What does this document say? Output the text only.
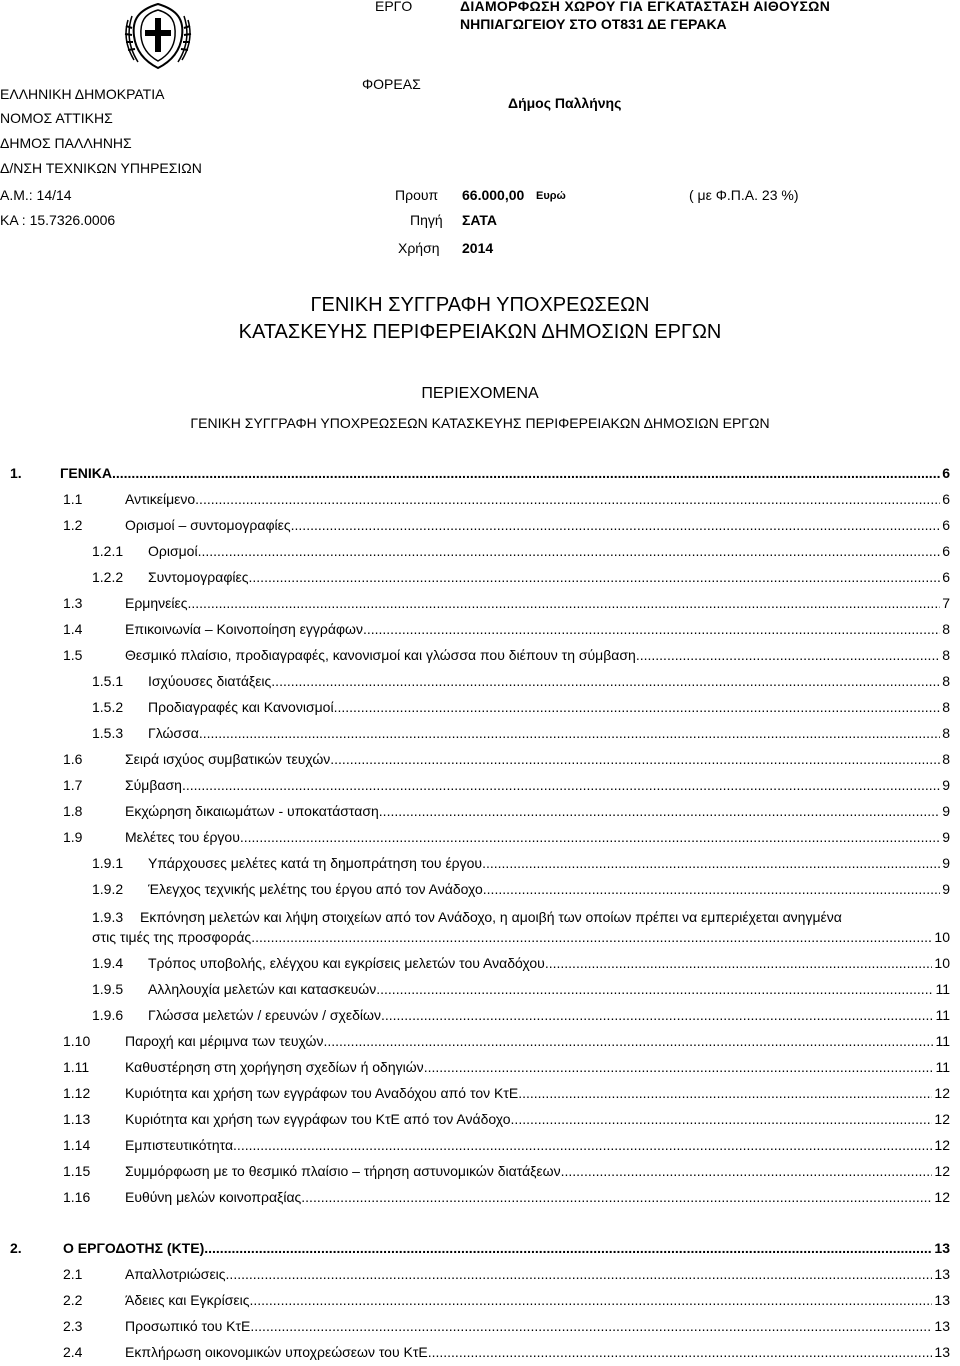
ΕΡΓΟ	ΔΙΑΜΟΡΦΩΣΗ ΧΩΡΟΥ ΓΙΑ ΕΓΚΑΤΑΣΤΑΣΗ ΑΙΘΟΥΣΩΝ
ΝΗΠΙΑΓΩΓΕΙΟΥ ΣΤΟ ΟΤ831 ΔΕ ΓΕΡΑΚΑ
ΕΛΛΗΝΙΚΗ ΔΗΜΟΚΡΑΤΙΑ
ΝΟΜΟΣ ΑΤΤΙΚΗΣ
ΔΗΜΟΣ ΠΑΛΛΗΝΗΣ
Δ/ΝΣΗ ΤΕΧΝΙΚΩΝ ΥΠΗΡΕΣΙΩΝ
ΦΟΡΕΑΣ
Δήμος Παλλήνης
Α.Μ.: 14/14	Προυπ 66.000,00 Ευρώ	( με Φ.Π.Α. 23 %)
ΚΑ : 15.7326.0006	Πηγή ΣΑΤΑ
Χρήση 2014
ΓΕΝΙΚΗ ΣΥΓΓΡΑΦΗ ΥΠΟΧΡΕΩΣΕΩΝ
ΚΑΤΑΣΚΕΥΗΣ ΠΕΡΙΦΕΡΕΙΑΚΩΝ ΔΗΜΟΣΙΩΝ ΕΡΓΩΝ
ΠΕΡΙΕΧΟΜΕΝΑ
ΓΕΝΙΚΗ ΣΥΓΓΡΑΦΗ ΥΠΟΧΡΕΩΣΕΩΝ ΚΑΤΑΣΚΕΥΗΣ ΠΕΡΙΦΕΡΕΙΑΚΩΝ ΔΗΜΟΣΙΩΝ ΕΡΓΩΝ
1.	ΓΕΝΙΚΑ .....	6
1.1	Αντικείμενο .....	6
1.2	Ορισμοί – συντομογραφίες .....	6
1.2.1 Ορισμοί .....	6
1.2.2 Συντομογραφίες .....	6
1.3	Ερμηνείες .....	7
1.4	Επικοινωνία – Κοινοποίηση εγγράφων .....	8
1.5	Θεσμικό πλαίσιο, προδιαγραφές, κανονισμοί και γλώσσα που διέπουν τη σύμβαση .....	8
1.5.1 Ισχύουσες διατάξεις .....	8
1.5.2 Προδιαγραφές και Κανονισμοί .....	8
1.5.3 Γλώσσα .....	8
1.6	Σειρά ισχύος συμβατικών τευχών .....	8
1.7	Σύμβαση .....	9
1.8	Εκχώρηση δικαιωμάτων - υποκατάσταση .....	9
1.9	Μελέτες του έργου .....	9
1.9.1 Υπάρχουσες μελέτες κατά τη δημοπράτηση του έργου .....	9
1.9.2 Έλεγχος τεχνικής μελέτης του έργου από τον Ανάδοχο .....	9
1.9.3 Εκπόνηση μελετών και λήψη στοιχείων από τον Ανάδοχο, η αμοιβή των οποίων πρέπει να εμπεριέχεται ανηγμένα
στις τιμές της προσφοράς .....	10
1.9.4 Τρόπος υποβολής, ελέγχου και εγκρίσεις μελετών του Αναδόχου .....	10
1.9.5 Αλληλουχία μελετών και κατασκευών .....	11
1.9.6 Γλώσσα μελετών / ερευνών / σχεδίων .....	11
1.10 Παροχή και μέριμνα των τευχών .....	11
1.11	Καθυστέρηση στη χορήγηση σχεδίων ή οδηγιών .....	11
1.12 Κυριότητα και χρήση των εγγράφων του Αναδόχου από τον ΚτΕ .....	12
1.13 Κυριότητα και χρήση των εγγράφων του ΚτΕ από τον Ανάδοχο .....	12
1.14 Εμπιστευτικότητα .....	12
1.15 Συμμόρφωση με το θεσμικό πλαίσιο – τήρηση αστυνομικών διατάξεων .....	12
1.16 Ευθύνη μελών κοινοπραξίας .....	12
2.	Ο ΕΡΓΟΔΟΤΗΣ (ΚΤΕ) .....	13
2.1	Απαλλοτριώσεις .....	13
2.2	Άδειες και Εγκρίσεις .....	13
2.3	Προσωπικό του ΚτΕ .....	13
2.4	Εκπλήρωση οικονομικών υποχρεώσεων του ΚτΕ .....	13
